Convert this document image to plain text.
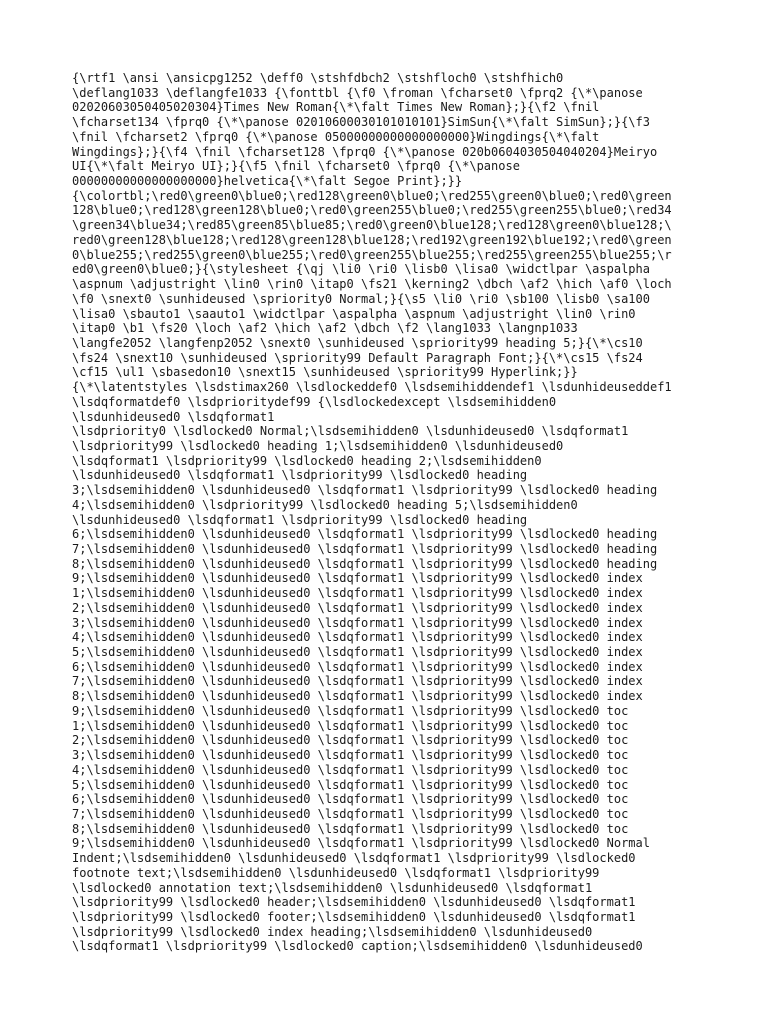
{\rtf1 \ansi \ansicpg1252 \deff0 \stshfdbch2 \stshfloch0 \stshfhich0
\deflang1033 \deflangfe1033 {\fonttbl {\f0 \froman \fcharset0 \fprq2 {\*\panose
02020603050405020304}Times New Roman{\*\falt Times New Roman};}{\f2 \fnil
\fcharset134 \fprq0 {\*\panose 02010600030101010101}SimSun{\*\falt SimSun};}{\f3
\fnil \fcharset2 \fprq0 {\*\panose 05000000000000000000}Wingdings{\*\falt
Wingdings};}{\f4 \fnil \fcharset128 \fprq0 {\*\panose 020b0604030504040204}Meiryo
UI{\*\falt Meiryo UI};}{\f5 \fnil \fcharset0 \fprq0 {\*\panose
00000000000000000000}helvetica{\*\falt Segoe Print};}}
{\colortbl;\red0\green0\blue0;\red128\green0\blue0;\red255\green0\blue0;\red0\green
128\blue0;\red128\green128\blue0;\red0\green255\blue0;\red255\green255\blue0;\red34
\green34\blue34;\red85\green85\blue85;\red0\green0\blue128;\red128\green0\blue128;\
red0\green128\blue128;\red128\green128\blue128;\red192\green192\blue192;\red0\green
0\blue255;\red255\green0\blue255;\red0\green255\blue255;\red255\green255\blue255;\r
ed0\green0\blue0;}{\stylesheet {\qj \li0 \ri0 \lisb0 \lisa0 \widctlpar \aspalpha
\aspnum \adjustright \lin0 \rin0 \itap0 \fs21 \kerning2 \dbch \af2 \hich \af0 \loch
\f0 \snext0 \sunhideused \spriority0 Normal;}{\s5 \li0 \ri0 \sb100 \lisb0 \sa100
\lisa0 \sbauto1 \saauto1 \widctlpar \aspalpha \aspnum \adjustright \lin0 \rin0
\itap0 \b1 \fs20 \loch \af2 \hich \af2 \dbch \f2 \lang1033 \langnp1033
\langfe2052 \langfenp2052 \snext0 \sunhideused \spriority99 heading 5;}{\*\cs10
\fs24 \snext10 \sunhideused \spriority99 Default Paragraph Font;}{\*\cs15 \fs24
\cf15 \ul1 \sbasedon10 \snext15 \sunhideused \spriority99 Hyperlink;}}
{\*\latentstyles \lsdstimax260 \lsdlockeddef0 \lsdsemihiddendef1 \lsdunhideuseddef1
\lsdqformatdef0 \lsdprioritydef99 {\lsdlockedexcept \lsdsemihidden0
\lsdunhideused0 \lsdqformat1
\lsdpriority0 \lsdlocked0 Normal;\lsdsemihidden0 \lsdunhideused0 \lsdqformat1
\lsdpriority99 \lsdlocked0 heading 1;\lsdsemihidden0 \lsdunhideused0
\lsdqformat1 \lsdpriority99 \lsdlocked0 heading 2;\lsdsemihidden0
\lsdunhideused0 \lsdqformat1 \lsdpriority99 \lsdlocked0 heading
3;\lsdsemihidden0 \lsdunhideused0 \lsdqformat1 \lsdpriority99 \lsdlocked0 heading
4;\lsdsemihidden0 \lsdpriority99 \lsdlocked0 heading 5;\lsdsemihidden0
\lsdunhideused0 \lsdqformat1 \lsdpriority99 \lsdlocked0 heading
6;\lsdsemihidden0 \lsdunhideused0 \lsdqformat1 \lsdpriority99 \lsdlocked0 heading
7;\lsdsemihidden0 \lsdunhideused0 \lsdqformat1 \lsdpriority99 \lsdlocked0 heading
8;\lsdsemihidden0 \lsdunhideused0 \lsdqformat1 \lsdpriority99 \lsdlocked0 heading
9;\lsdsemihidden0 \lsdunhideused0 \lsdqformat1 \lsdpriority99 \lsdlocked0 index
1;\lsdsemihidden0 \lsdunhideused0 \lsdqformat1 \lsdpriority99 \lsdlocked0 index
2;\lsdsemihidden0 \lsdunhideused0 \lsdqformat1 \lsdpriority99 \lsdlocked0 index
3;\lsdsemihidden0 \lsdunhideused0 \lsdqformat1 \lsdpriority99 \lsdlocked0 index
4;\lsdsemihidden0 \lsdunhideused0 \lsdqformat1 \lsdpriority99 \lsdlocked0 index
5;\lsdsemihidden0 \lsdunhideused0 \lsdqformat1 \lsdpriority99 \lsdlocked0 index
6;\lsdsemihidden0 \lsdunhideused0 \lsdqformat1 \lsdpriority99 \lsdlocked0 index
7;\lsdsemihidden0 \lsdunhideused0 \lsdqformat1 \lsdpriority99 \lsdlocked0 index
8;\lsdsemihidden0 \lsdunhideused0 \lsdqformat1 \lsdpriority99 \lsdlocked0 index
9;\lsdsemihidden0 \lsdunhideused0 \lsdqformat1 \lsdpriority99 \lsdlocked0 toc
1;\lsdsemihidden0 \lsdunhideused0 \lsdqformat1 \lsdpriority99 \lsdlocked0 toc
2;\lsdsemihidden0 \lsdunhideused0 \lsdqformat1 \lsdpriority99 \lsdlocked0 toc
3;\lsdsemihidden0 \lsdunhideused0 \lsdqformat1 \lsdpriority99 \lsdlocked0 toc
4;\lsdsemihidden0 \lsdunhideused0 \lsdqformat1 \lsdpriority99 \lsdlocked0 toc
5;\lsdsemihidden0 \lsdunhideused0 \lsdqformat1 \lsdpriority99 \lsdlocked0 toc
6;\lsdsemihidden0 \lsdunhideused0 \lsdqformat1 \lsdpriority99 \lsdlocked0 toc
7;\lsdsemihidden0 \lsdunhideused0 \lsdqformat1 \lsdpriority99 \lsdlocked0 toc
8;\lsdsemihidden0 \lsdunhideused0 \lsdqformat1 \lsdpriority99 \lsdlocked0 toc
9;\lsdsemihidden0 \lsdunhideused0 \lsdqformat1 \lsdpriority99 \lsdlocked0 Normal
Indent;\lsdsemihidden0 \lsdunhideused0 \lsdqformat1 \lsdpriority99 \lsdlocked0
footnote text;\lsdsemihidden0 \lsdunhideused0 \lsdqformat1 \lsdpriority99
\lsdlocked0 annotation text;\lsdsemihidden0 \lsdunhideused0 \lsdqformat1
\lsdpriority99 \lsdlocked0 header;\lsdsemihidden0 \lsdunhideused0 \lsdqformat1
\lsdpriority99 \lsdlocked0 footer;\lsdsemihidden0 \lsdunhideused0 \lsdqformat1
\lsdpriority99 \lsdlocked0 index heading;\lsdsemihidden0 \lsdunhideused0
\lsdqformat1 \lsdpriority99 \lsdlocked0 caption;\lsdsemihidden0 \lsdunhideused0
